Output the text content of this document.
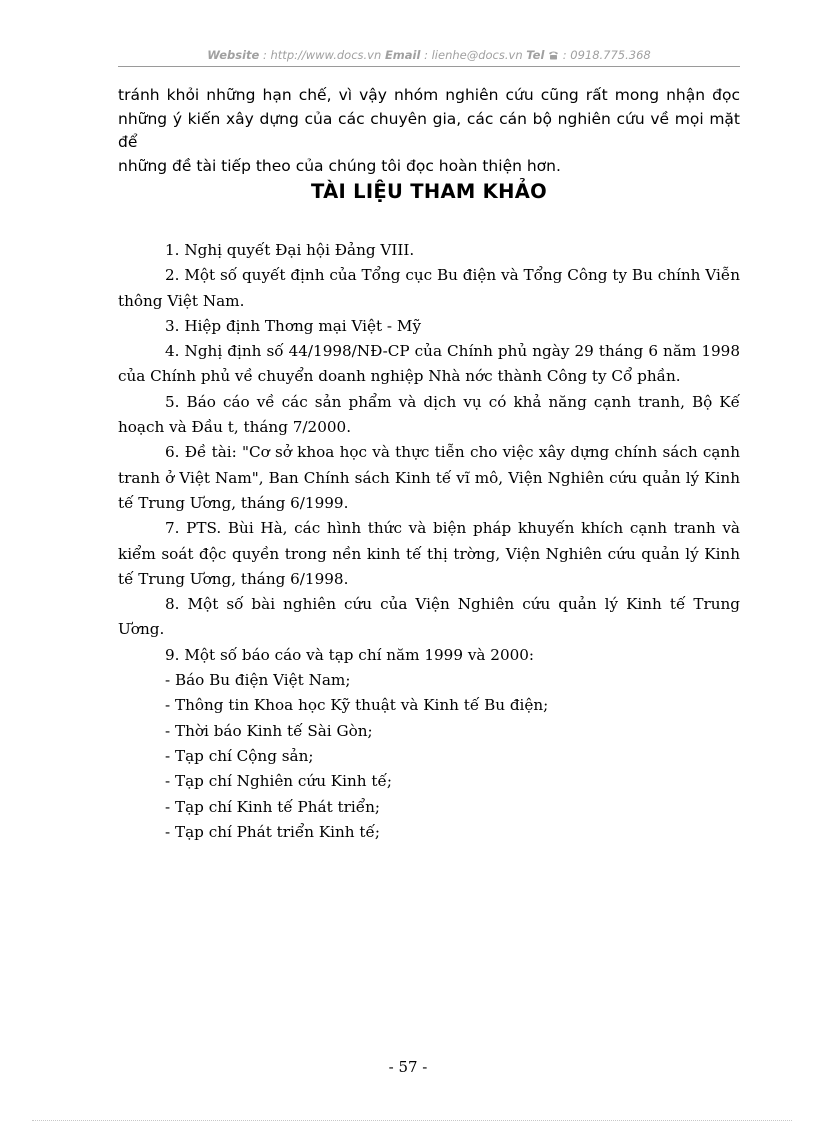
Website : http://www.docs.vn Email : lienhe@docs.vn Tel : 0918.775.368
tránh khỏi những hạn chế, vì vậy nhóm nghiên cứu cũng rất mong nhận đọc
những ý kiến xây dựng của các chuyên gia, các cán bộ nghiên cứu về mọi mặt để
những đề tài tiếp theo của chúng tôi đọc hoàn thiện hơn.
TÀI LIỆU THAM KHẢO
1. Nghị quyết Đại hội Đảng VIII.
2. Một số quyết định của Tổng cục Bu điện và Tổng Công ty Bu chính Viễn thông Việt Nam.
3. Hiệp định Thơng mại Việt - Mỹ
4. Nghị định số 44/1998/NĐ-CP của Chính phủ ngày 29 tháng 6 năm 1998 của Chính phủ về chuyển doanh nghiệp Nhà nớc thành Công ty Cổ phần.
5. Báo cáo về các sản phẩm và dịch vụ có khả năng cạnh tranh, Bộ Kế hoạch và Đầu t, tháng 7/2000.
6. Đề tài: "Cơ sở khoa học và thực tiễn cho việc xây dựng chính sách cạnh tranh ở Việt Nam", Ban Chính sách Kinh tế vĩ mô, Viện Nghiên cứu quản lý Kinh tế Trung Ương, tháng 6/1999.
7. PTS. Bùi Hà, các hình thức và biện pháp khuyến khích cạnh tranh và kiểm soát độc quyền trong nền kinh tế thị trờng, Viện Nghiên cứu quản lý Kinh tế Trung Ương, tháng 6/1998.
8. Một số bài nghiên cứu của Viện Nghiên cứu quản lý Kinh tế Trung Ương.
9. Một số báo cáo và tạp chí năm 1999 và 2000:
- Báo Bu điện Việt Nam;
- Thông tin Khoa học Kỹ thuật và Kinh tế Bu điện;
- Thời báo Kinh tế Sài Gòn;
- Tạp chí Cộng sản;
- Tạp chí Nghiên cứu Kinh tế;
- Tạp chí Kinh tế Phát triển;
- Tạp chí Phát triển Kinh tế;
- 57 -
